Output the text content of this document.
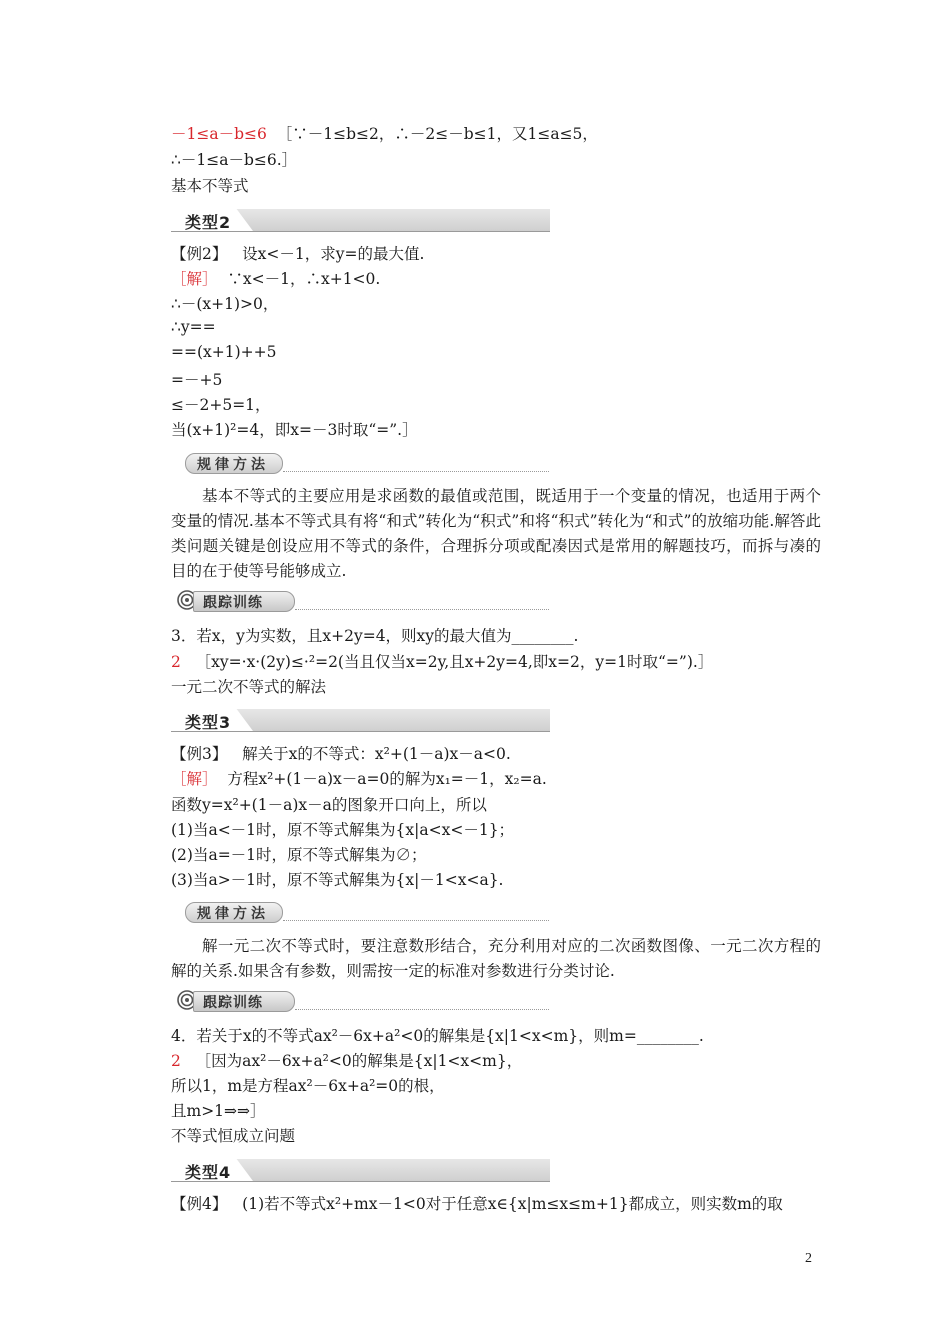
－1≤a－b≤6 ［∵－1≤b≤2，∴－2≤－b≤1，又1≤a≤5，
∴－1≤a－b≤6.］
基本不等式
类型2
【例2】 设x<－1，求y=的最大值.
［解］ ∵x<－1，∴x+1<0.
∴－(x+1)>0，
∴y==
==(x+1)++5
=－+5
≤－2+5=1，
当(x+1)²=4，即x=－3时取“=”.］
规律方法
基本不等式的主要应用是求函数的最值或范围，既适用于一个变量的情况，也适用于两个变量的情况.基本不等式具有将“和式”转化为“积式”和将“积式”转化为“和式”的放缩功能.解答此类问题关键是创设应用不等式的条件，合理拆分项或配凑因式是常用的解题技巧，而拆与凑的目的在于使等号能够成立.
跟踪训练
3．若x，y为实数，且x+2y=4，则xy的最大值为________.
2 ［xy=·x·(2y)≤·²=2(当且仅当x=2y,且x+2y=4,即x=2，y=1时取“=”).］
一元二次不等式的解法
类型3
【例3】 解关于x的不等式：x²+(1－a)x－a<0.
［解］ 方程x²+(1－a)x－a=0的解为x₁=－1，x₂=a.
函数y=x²+(1－a)x－a的图象开口向上，所以
(1)当a<－1时，原不等式解集为{x|a<x<－1}；
(2)当a=－1时，原不等式解集为∅；
(3)当a>－1时，原不等式解集为{x|－1<x<a}.
规律方法
解一元二次不等式时，要注意数形结合，充分利用对应的二次函数图像、一元二次方程的解的关系.如果含有参数，则需按一定的标准对参数进行分类讨论.
跟踪训练
4．若关于x的不等式ax²－6x+a²<0的解集是{x|1<x<m}，则m=________.
2 ［因为ax²－6x+a²<0的解集是{x|1<x<m}，
所以1，m是方程ax²－6x+a²=0的根，
且m>1⇒⇒］
不等式恒成立问题
类型4
【例4】 (1)若不等式x²+mx－1<0对于任意x∈{x|m≤x≤m+1}都成立，则实数m的取
2
